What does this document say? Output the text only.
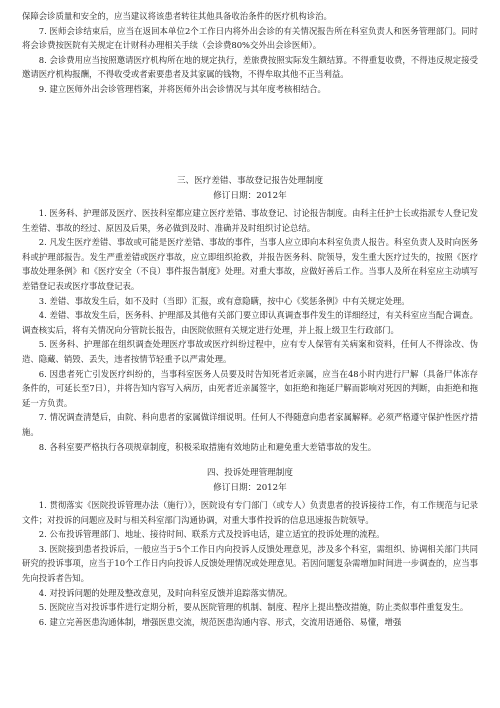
保障会诊质量和安全的，应当建议将该患者转往其他具备收治条件的医疗机构诊治。

7. 医师会诊结束后，应当在返回本单位2个工作日内将外出会诊的有关情况报告所在科室负责人和医务管理部门。同时将会诊费按医院有关规定在计财科办理相关手续（会诊费80%交外出会诊医师）。

8. 会诊费用应当按照邀请医疗机构所在地的规定执行，差旅费按照实际发生额结算。不得重复收费，不得违反规定接受邀请医疗机构报酬，不得收受或者索要患者及其家属的钱物，不得牟取其他不正当利益。

9. 建立医师外出会诊管理档案，并将医师外出会诊情况与其年度考核相结合。

三、医疗差错、事故登记报告处理制度

修订日期：2012年

1. 医务科、护理部及医疗、医技科室都应建立医疗差错、事故登记、讨论报告制度。由科主任护士长或指派专人登记发生差错、事故的经过、原因及后果，务必做到及时、准确并及时组织讨论总结。

2. 凡发生医疗差错、事故或可能是医疗差错、事故的事件，当事人应立即向本科室负责人报告。科室负责人及时向医务科或护理部报告。发生严重差错或医疗事故，应立即组织抢救，并报告医务科、院领导，发生重大医疗过失的，按照《医疗事故处理条例》和《医疗安全（不良）事件报告制度》处理。对重大事故，应做好善后工作。当事人及所在科室应主动填写差错登记表或医疗事故登记表。

3. 差错、事故发生后，如不及时（当即）汇报，或有意隐瞒，按中心《奖惩条例》中有关规定处理。

4. 差错、事故发生后，医务科、护理部及其他有关部门要立即认真调查事件发生的详细经过，有关科室应当配合调查。调查核实后，将有关情况向分管院长报告，由医院依照有关规定进行处理，并上报上级卫生行政部门。

5. 医务科、护理部在组织调查处理医疗事故或医疗纠纷过程中，应有专人保管有关病案和资料，任何人不得涂改、伪造、隐藏、销毁、丢失，违者按情节轻重予以严肃处理。

6. 因患者死亡引发医疗纠纷的，当事科室医务人员要及时告知死者近亲属，应当在48小时内进行尸解（具备尸体冻存条件的，可延长至7日），并将告知内容写入病历，由死者近亲属签字，如拒绝和拖延尸解而影响对死因的判断，由拒绝和拖延一方负责。

7. 情况调查清楚后，由院、科向患者的家属做详细说明。任何人不得随意向患者家属解释。必须严格遵守保护性医疗措施。

8. 各科室要严格执行各项规章制度，积极采取措施有效地防止和避免重大差错事故的发生。

四、投诉处理管理制度

修订日期：2012年

1. 贯彻落实《医院投诉管理办法（施行）》，医院设有专门部门（或专人）负责患者的投诉接待工作，有工作规范与记录文件；对投诉的问题应及时与相关科室部门沟通协调，对重大事件投诉的信息迅速报告院领导。

2. 公布投诉管理部门、地址、接待时间、联系方式及投诉电话，建立适宜的投诉处理的流程。

3. 医院接到患者投诉后，一般应当于5个工作日内向投诉人反馈处理意见，涉及多个科室，需组织、协调相关部门共同研究的投诉事项，应当于10个工作日内向投诉人反馈处理情况或处理意见。若因问题复杂需增加时间进一步调查的，应当事先向投诉者告知。

4. 对投诉问题的处理及整改意见，及时向科室反馈并追踪落实情况。

5. 医院应当对投诉事件进行定期分析，要从医院管理的机制、制度、程序上提出整改措施，防止类似事件重复发生。

6. 建立完善医患沟通体制，增强医患交流，规范医患沟通内容、形式，交流用语通俗、易懂，增强
